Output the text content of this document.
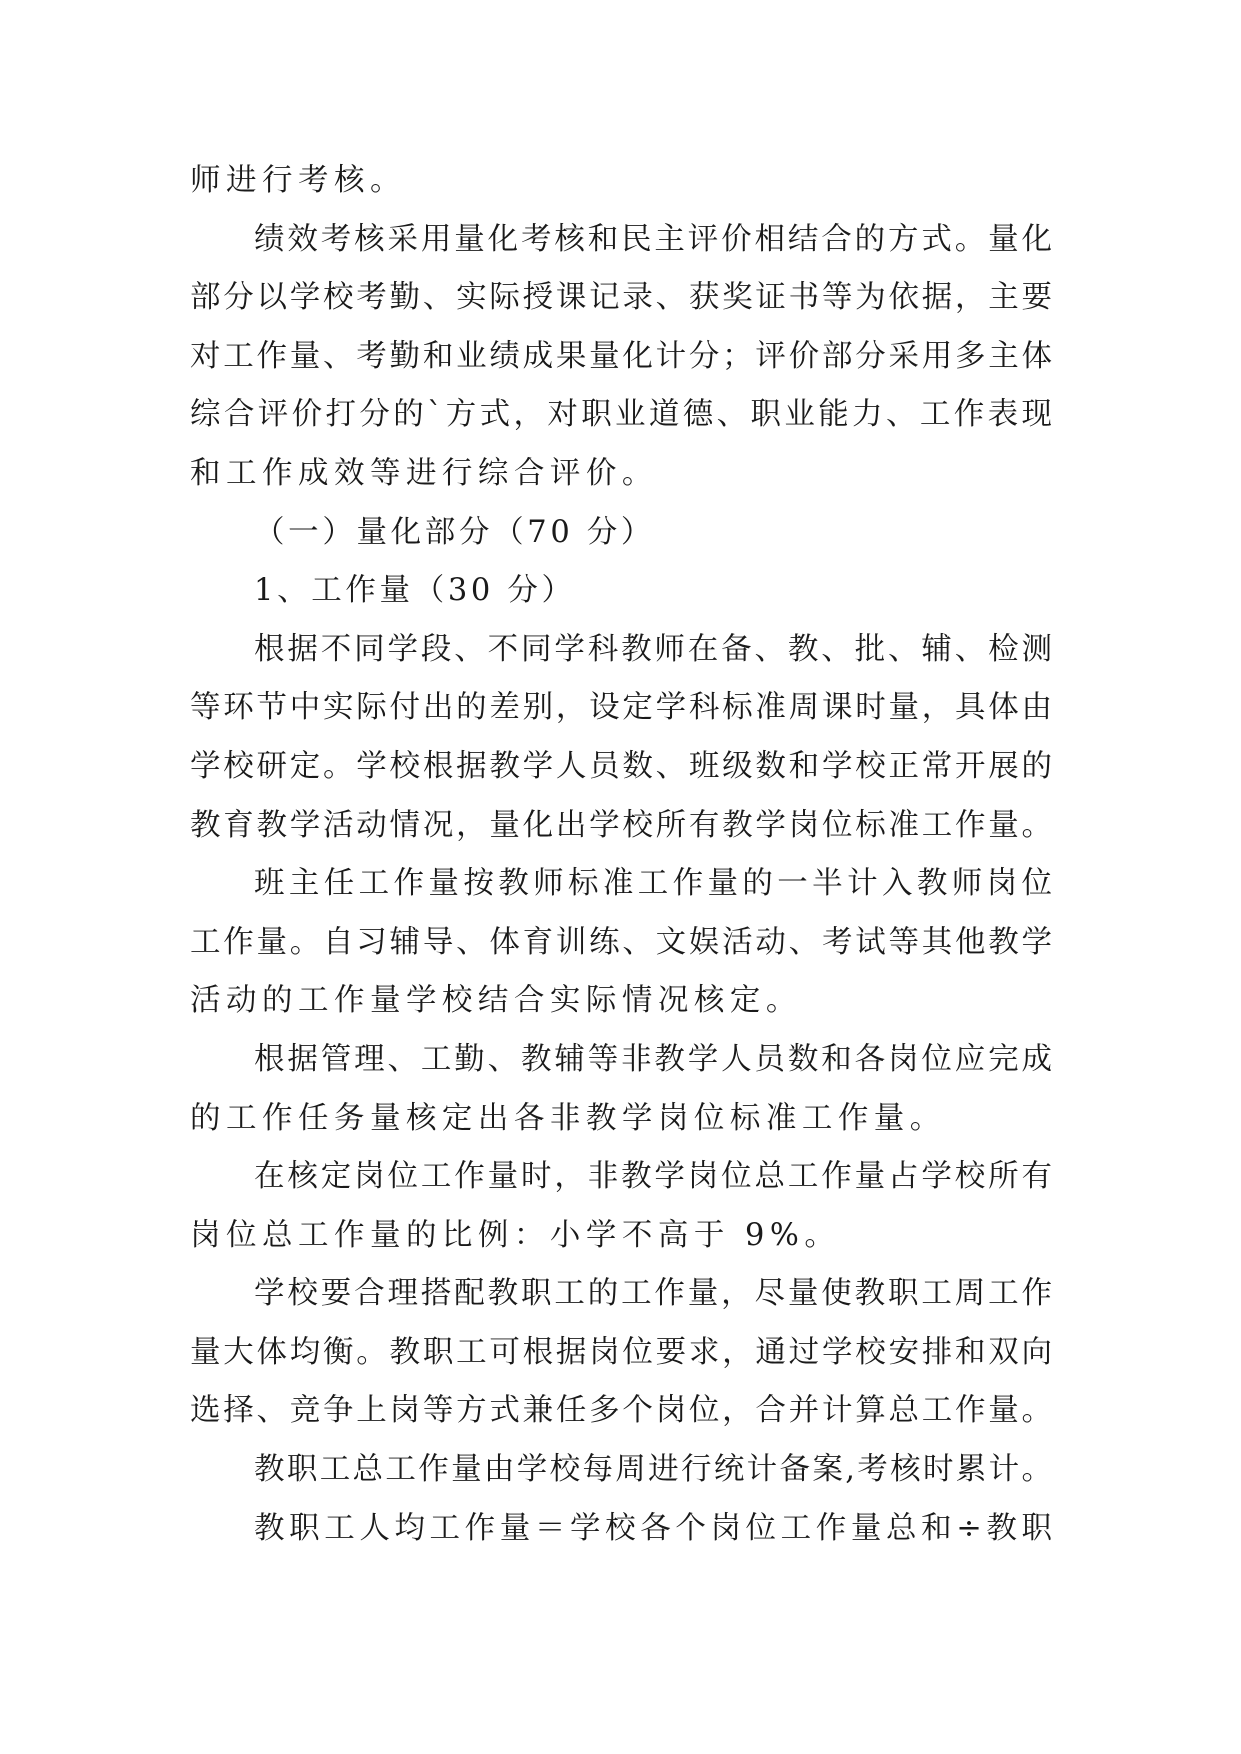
师进行考核。
绩效考核采用量化考核和民主评价相结合的方式。量化
部分以学校考勤、实际授课记录、获奖证书等为依据，主要
对工作量、考勤和业绩成果量化计分；评价部分采用多主体
综合评价打分的`方式，对职业道德、职业能力、工作表现
和工作成效等进行综合评价。
（一）量化部分（70 分）
1、工作量（30 分）
根据不同学段、不同学科教师在备、教、批、辅、检测
等环节中实际付出的差别，设定学科标准周课时量，具体由
学校研定。学校根据教学人员数、班级数和学校正常开展的
教育教学活动情况，量化出学校所有教学岗位标准工作量。
班主任工作量按教师标准工作量的一半计入教师岗位
工作量。自习辅导、体育训练、文娱活动、考试等其他教学
活动的工作量学校结合实际情况核定。
根据管理、工勤、教辅等非教学人员数和各岗位应完成
的工作任务量核定出各非教学岗位标准工作量。
在核定岗位工作量时，非教学岗位总工作量占学校所有
岗位总工作量的比例：小学不高于 9%。
学校要合理搭配教职工的工作量，尽量使教职工周工作
量大体均衡。教职工可根据岗位要求，通过学校安排和双向
选择、竞争上岗等方式兼任多个岗位，合并计算总工作量。
教职工总工作量由学校每周进行统计备案,考核时累计。
教职工人均工作量＝学校各个岗位工作量总和÷教职
